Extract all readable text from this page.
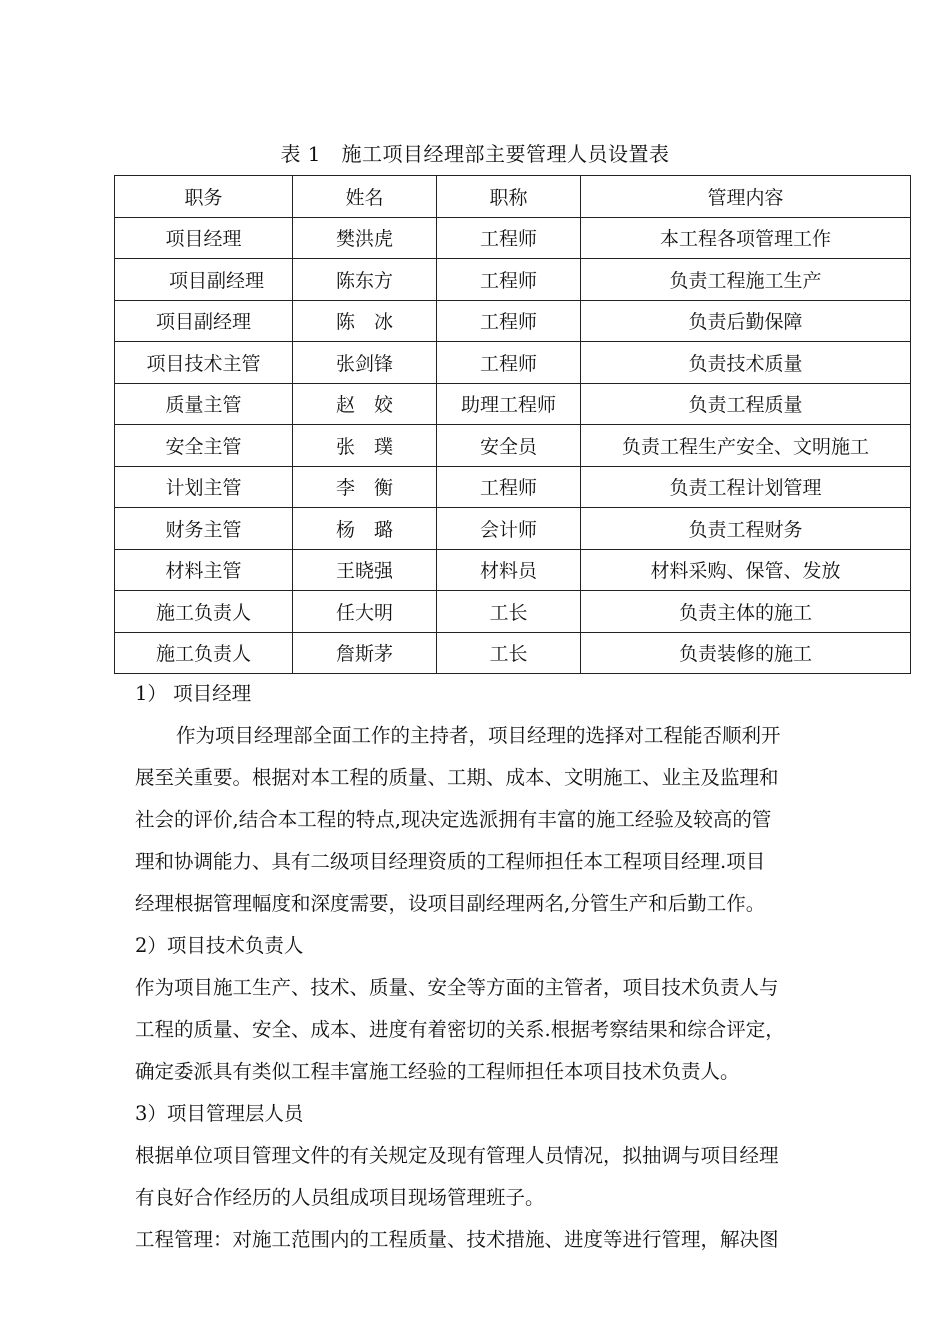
表 1　施工项目经理部主要管理人员设置表
职务	姓名	职称	管理内容
项目经理	樊洪虎	工程师	本工程各项管理工作
项目副经理	陈东方	工程师	负责工程施工生产
项目副经理	陈　冰	工程师	负责后勤保障
项目技术主管	张剑锋	工程师	负责技术质量
质量主管	赵　姣	助理工程师	负责工程质量
安全主管	张　璞	安全员	负责工程生产安全、文明施工
计划主管	李　衡	工程师	负责工程计划管理
财务主管	杨　璐	会计师	负责工程财务
材料主管	王晓强	材料员	材料采购、保管、发放
施工负责人	任大明	工长	负责主体的施工
施工负责人	詹斯茅	工长	负责装修的施工

1） 项目经理

作为项目经理部全面工作的主持者，项目经理的选择对工程能否顺利开

展至关重要。根据对本工程的质量、工期、成本、文明施工、业主及监理和

社会的评价,结合本工程的特点,现决定选派拥有丰富的施工经验及较高的管

理和协调能力、具有二级项目经理资质的工程师担任本工程项目经理.项目

经理根据管理幅度和深度需要，设项目副经理两名,分管生产和后勤工作。

2）项目技术负责人

作为项目施工生产、技术、质量、安全等方面的主管者，项目技术负责人与

工程的质量、安全、成本、进度有着密切的关系.根据考察结果和综合评定，

确定委派具有类似工程丰富施工经验的工程师担任本项目技术负责人。

3）项目管理层人员

根据单位项目管理文件的有关规定及现有管理人员情况，拟抽调与项目经理

有良好合作经历的人员组成项目现场管理班子。

工程管理：对施工范围内的工程质量、技术措施、进度等进行管理，解决图
